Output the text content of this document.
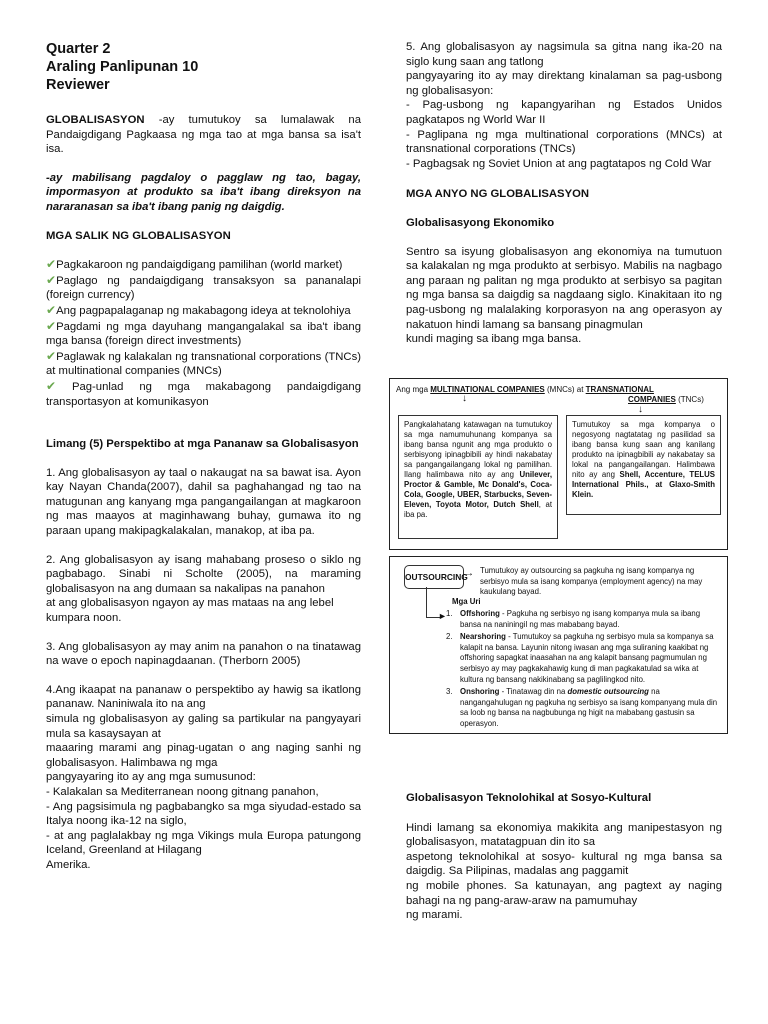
Quarter 2

Araling Panlipunan 10

Reviewer

GLOBALISASYON -ay tumutukoy sa lumalawak na Pandaigdigang Pagkaasa ng mga tao at mga bansa sa isa't isa.

-ay mabilisang pagdaloy o pagglaw ng tao, bagay, impormasyon at produkto sa iba't ibang direksyon na nararanasan sa iba't ibang panig ng daigdig.

MGA SALIK NG GLOBALISASYON

✔Pagkakaroon ng pandaigdigang pamilihan (world market)

✔Paglago ng pandaigdigang transaksyon sa pananalapi (foreign currency)

✔Ang pagpapalaganap ng makabagong ideya at teknolohiya

✔Pagdami ng mga dayuhang mangangalakal sa iba't ibang mga bansa (foreign direct investments)

✔Paglawak ng kalakalan ng transnational corporations (TNCs) at multinational companies (MNCs)

✔ Pag-unlad ng mga makabagong pandaigdigang transportasyon at komunikasyon

Limang (5) Perspektibo at mga Pananaw sa Globalisasyon

1. Ang globalisasyon ay taal o nakaugat na sa bawat isa. Ayon kay Nayan Chanda(2007), dahil sa paghahangad ng tao na matugunan ang kanyang mga pangangailangan at magkaroon ng mas maayos at maginhawang buhay, gumawa ito ng paraan upang makipagkalakalan, manakop, at iba pa.

2. Ang globalisasyon ay isang mahabang proseso o siklo ng pagbabago. Sinabi ni Scholte (2005), na maraming globalisasyon na ang dumaan sa nakalipas na panahon

at ang globalisasyon ngayon ay mas mataas na ang lebel kumpara noon.

3. Ang globalisasyon ay may anim na panahon o na tinatawag na wave o epoch napinagdaanan. (Therborn 2005)

4.Ang ikaapat na pananaw o perspektibo ay hawig sa ikatlong pananaw. Naniniwala ito na ang

simula ng globalisasyon ay galing sa partikular na pangyayari mula sa kasaysayan at

maaaring marami ang pinag-ugatan o ang naging sanhi ng globalisasyon. Halimbawa ng mga

pangyayaring ito ay ang mga sumusunod:

- Kalakalan sa Mediterranean noong gitnang panahon,

- Ang pagsisimula ng pagbabangko sa mga siyudad-estado sa Italya noong ika-12 na siglo,

- at ang paglalakbay ng mga Vikings mula Europa patungong Iceland, Greenland at Hilagang

Amerika.

5. Ang globalisasyon ay nagsimula sa gitna nang ika-20 na siglo kung saan ang tatlong

pangyayaring ito ay may direktang kinalaman sa pag-usbong ng globalisasyon:

- Pag-usbong ng kapangyarihan ng Estados Unidos pagkatapos ng World War II

- Paglipana ng mga multinational corporations (MNCs) at transnational corporations (TNCs)

- Pagbagsak ng Soviet Union at ang pagtatapos ng Cold War

MGA ANYO NG GLOBALISASYON

Globalisasyong Ekonomiko

Sentro sa isyung globalisasyon ang ekonomiya na tumutuon sa kalakalan ng mga produkto at serbisyo. Mabilis na nagbago ang paraan ng palitan ng mga produkto at serbisyo sa pagitan ng mga bansa sa daigdig sa nagdaang siglo. Kinakitaan ito ng pag-usbong ng malalaking korporasyon na ang operasyon ay nakatuon hindi lamang sa bansang pinagmulan

kundi maging sa ibang mga bansa.

Ang mga MULTINATIONAL COMPANIES (MNCs) at TRANSNATIONAL
COMPANIES (TNCs)
↓
↓
Pangkalahatang katawagan na tumutukoy sa mga namumuhunang kompanya sa ibang bansa ngunit ang mga produkto o serbisyong ipinagbibili ay hindi nakabatay sa pangangailangang lokal ng pamilihan. Ilang halimbawa nito ay ang Unilever, Proctor & Gamble, Mc Donald's, Coca-Cola, Google, UBER, Starbucks, Seven-Eleven, Toyota Motor, Dutch Shell, at iba pa.
Tumutukoy sa mga kompanya o negosyong nagtatatag ng pasilidad sa ibang bansa kung saan ang kanilang produkto na ipinagbibili ay nakabatay sa lokal na pangangailangan. Halimbawa nito ay ang Shell, Accenture, TELUS International Phils., at Glaxo-Smith Klein.
OUTSOURCING
→ Tumutukoy ay outsourcing sa pagkuha ng isang kompanya ng serbisyo mula sa isang kompanya (employment agency) na may kaukulang bayad.
►
Mga Uri
1. Offshoring - Pagkuha ng serbisyo ng isang kompanya mula sa ibang bansa na naniningil ng mas mababang bayad.
2. Nearshoring - Tumutukoy sa pagkuha ng serbisyo mula sa kompanya sa kalapit na bansa. Layunin nitong iwasan ang mga suliraning kaakibat ng offshoring sapagkat inaasahan na ang kalapit bansang pagmumulan ng serbisyo ay may pagkakahawig kung di man pagkakatulad sa wika at kultura ng bansang nakikinabang sa paglilingkod nito.
3. Onshoring - Tinatawag din na domestic outsourcing na nangangahulugan ng pagkuha ng serbisyo sa isang kompanyang mula din sa loob ng bansa na nagbubunga ng higit na mababang gastusin sa operasyon.

Globalisasyon Teknolohikal at Sosyo-Kultural

Hindi lamang sa ekonomiya makikita ang manipestasyon ng globalisasyon, matatagpuan din ito sa

aspetong teknolohikal at sosyo- kultural ng mga bansa sa daigdig. Sa Pilipinas, madalas ang paggamit

ng mobile phones. Sa katunayan, ang pagtext ay naging bahagi na ng pang-araw-araw na pamumuhay

ng marami.
